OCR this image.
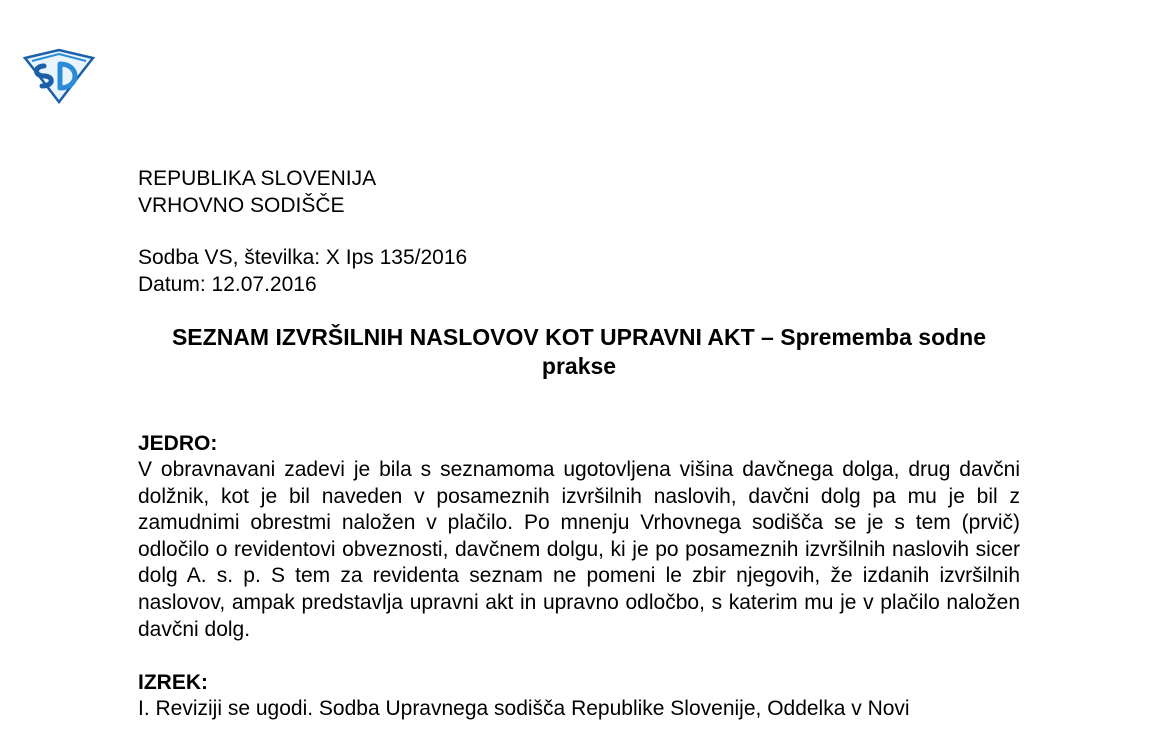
REPUBLIKA SLOVENIJA

VRHOVNO SODIŠČE

Sodba VS, številka: X Ips 135/2016

Datum: 12.07.2016

SEZNAM IZVRŠILNIH NASLOVOV KOT UPRAVNI AKT – Sprememba sodne prakse

JEDRO:

V obravnavani zadevi je bila s seznamoma ugotovljena višina davčnega dolga, drug davčni dolžnik, kot je bil naveden v posameznih izvršilnih naslovih, davčni dolg pa mu je bil z zamudnimi obrestmi naložen v plačilo. Po mnenju Vrhovnega sodišča se je s tem (prvič) odločilo o revidentovi obveznosti, davčnem dolgu, ki je po posameznih izvršilnih naslovih sicer dolg A. s. p. S tem za revidenta seznam ne pomeni le zbir njegovih, že izdanih izvršilnih naslovov, ampak predstavlja upravni akt in upravno odločbo, s katerim mu je v plačilo naložen davčni dolg.

IZREK:

I. Reviziji se ugodi. Sodba Upravnega sodišča Republike Slovenije, Oddelka v Novi
